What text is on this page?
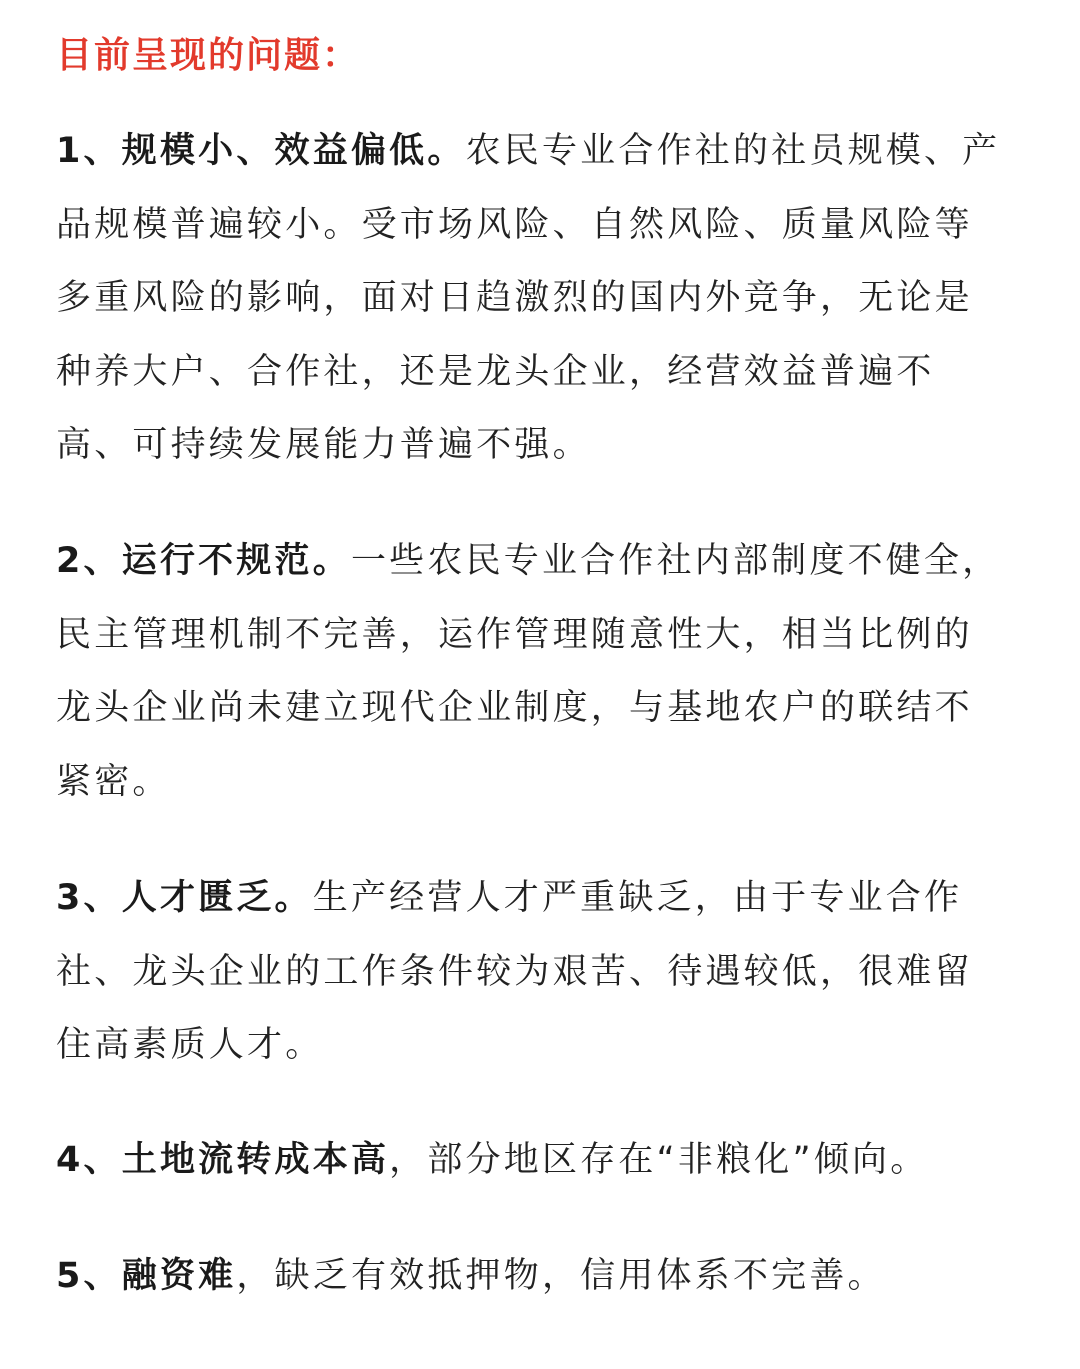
目前呈现的问题：
1、规模小、效益偏低。农民专业合作社的社员规模、产
品规模普遍较小。受市场风险、自然风险、质量风险等
多重风险的影响，面对日趋激烈的国内外竞争，无论是
种养大户、合作社，还是龙头企业，经营效益普遍不
高、可持续发展能力普遍不强。
2、运行不规范。一些农民专业合作社内部制度不健全，
民主管理机制不完善，运作管理随意性大，相当比例的
龙头企业尚未建立现代企业制度，与基地农户的联结不
紧密。
3、人才匮乏。生产经营人才严重缺乏，由于专业合作
社、龙头企业的工作条件较为艰苦、待遇较低，很难留
住高素质人才。
4、土地流转成本高，部分地区存在“非粮化”倾向。
5、融资难，缺乏有效抵押物，信用体系不完善。
